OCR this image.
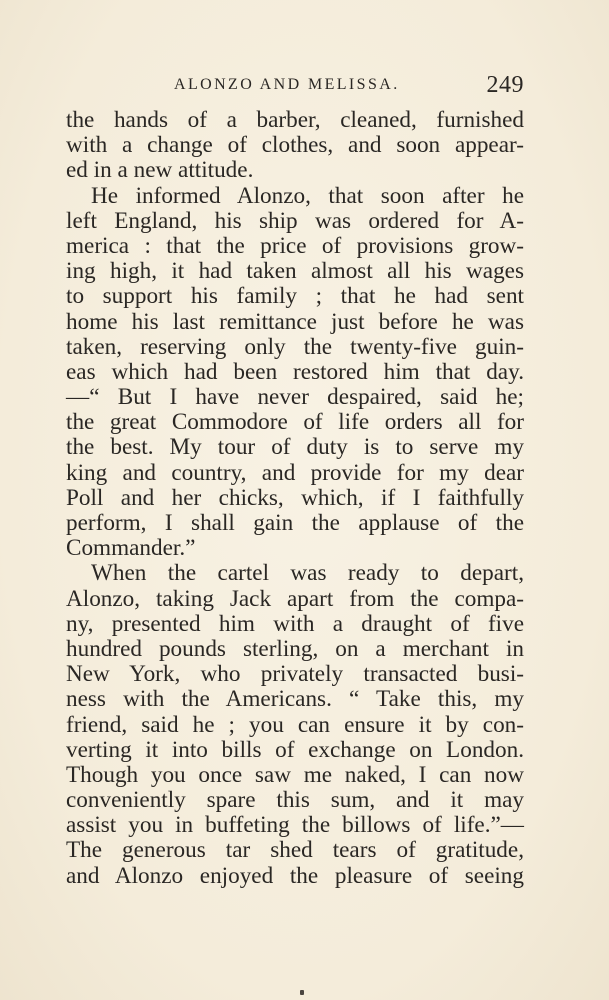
ALONZO AND MELISSA.	249
the hands of a barber, cleaned, furnished
with a change of clothes, and soon appear-
ed in a new attitude.
He informed Alonzo, that soon after he
left England, his ship was ordered for A-
merica : that the price of provisions grow-
ing high, it had taken almost all his wages
to support his family ; that he had sent
home his last remittance just before he was
taken, reserving only the twenty-five guin-
eas which had been restored him that day.
—“ But I have never despaired, said he;
the great Commodore of life orders all for
the best. My tour of duty is to serve my
king and country, and provide for my dear
Poll and her chicks, which, if I faithfully
perform, I shall gain the applause of the
Commander.”
When the cartel was ready to depart,
Alonzo, taking Jack apart from the compa-
ny, presented him with a draught of five
hundred pounds sterling, on a merchant in
New York, who privately transacted busi-
ness with the Americans. “ Take this, my
friend, said he ; you can ensure it by con-
verting it into bills of exchange on London.
Though you once saw me naked, I can now
conveniently spare this sum, and it may
assist you in buffeting the billows of life.”—
The generous tar shed tears of gratitude,
and Alonzo enjoyed the pleasure of seeing
